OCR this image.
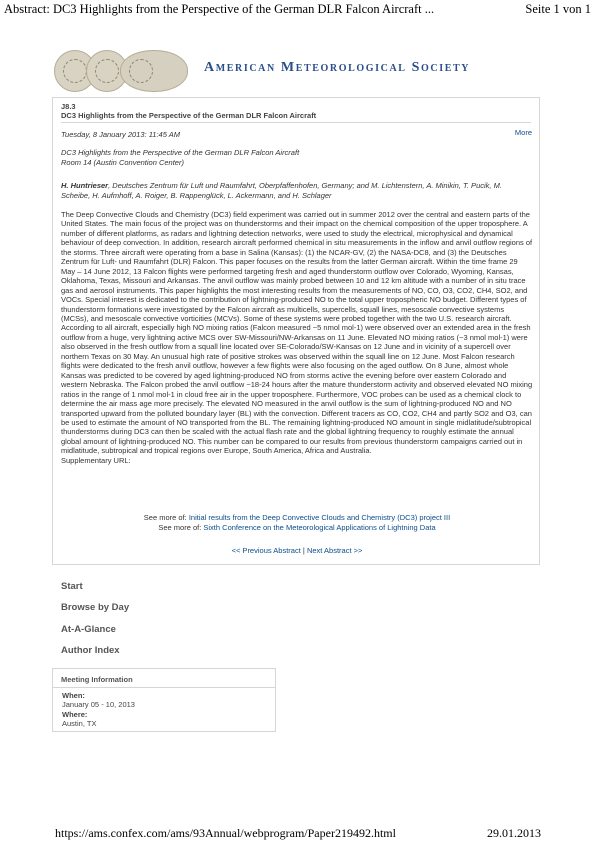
Abstract: DC3 Highlights from the Perspective of the German DLR Falcon Aircraft ...	Seite 1 von 1
American Meteorological Society
J8.3
DC3 Highlights from the Perspective of the German DLR Falcon Aircraft
Tuesday, 8 January 2013: 11:45 AM	More
DC3 Highlights from the Perspective of the German DLR Falcon Aircraft
Room 14 (Austin Convention Center)
H. Huntrieser, Deutsches Zentrum für Luft und Raumfahrt, Oberpfaffenhofen, Germany; and M. Lichtenstern, A. Minikin, T. Pucik, M. Scheibe, H. Aufmhoff, A. Roiger, B. Rappenglück, L. Ackermann, and H. Schlager
The Deep Convective Clouds and Chemistry (DC3) field experiment was carried out in summer 2012 over the central and eastern parts of the United States. The main focus of the project was on thunderstorms and their impact on the chemical composition of the upper troposphere. A number of different platforms, as radars and lightning detection networks, were used to study the electrical, microphysical and dynamical behaviour of deep convection. In addition, research aircraft performed chemical in situ measurements in the inflow and anvil outflow regions of the storms. Three aircraft were operating from a base in Salina (Kansas): (1) the NCAR-GV, (2) the NASA-DC8, and (3) the Deutsches Zentrum für Luft- und Raumfahrt (DLR) Falcon. This paper focuses on the results from the latter German aircraft. Within the time frame 29 May – 14 June 2012, 13 Falcon flights were performed targeting fresh and aged thunderstorm outflow over Colorado, Wyoming, Kansas, Oklahoma, Texas, Missouri and Arkansas. The anvil outflow was mainly probed between 10 and 12 km altitude with a number of in situ trace gas and aerosol instruments. This paper highlights the most interesting results from the measurements of NO, CO, O3, CO2, CH4, SO2, and VOCs. Special interest is dedicated to the contribution of lightning-produced NO to the total upper tropospheric NO budget. Different types of thunderstorm formations were investigated by the Falcon aircraft as multicells, supercells, squall lines, mesoscale convective systems (MCSs), and mesoscale convective vorticities (MCVs). Some of these systems were probed together with the two U.S. research aircraft. According to all aircraft, especially high NO mixing ratios (Falcon measured ~5 nmol mol-1) were observed over an extended area in the fresh outflow from a huge, very lightning active MCS over SW-Missouri/NW-Arkansas on 11 June. Elevated NO mixing ratios (~3 nmol mol-1) were also observed in the fresh outflow from a squall line located over SE-Colorado/SW-Kansas on 12 June and in vicinity of a supercell over northern Texas on 30 May. An unusual high rate of positive strokes was observed within the squall line on 12 June. Most Falcon research flights were dedicated to the fresh anvil outflow, however a few flights were also focusing on the aged outflow. On 8 June, almost whole Kansas was predicted to be covered by aged lightning-produced NO from storms active the evening before over eastern Colorado and western Nebraska. The Falcon probed the anvil outflow ~18-24 hours after the mature thunderstorm activity and observed elevated NO mixing ratios in the range of 1 nmol mol-1 in cloud free air in the upper troposphere. Furthermore, VOC probes can be used as a chemical clock to determine the air mass age more precisely. The elevated NO measured in the anvil outflow is the sum of lightning-produced NO and NO transported upward from the polluted boundary layer (BL) with the convection. Different tracers as CO, CO2, CH4 and partly SO2 and O3, can be used to estimate the amount of NO transported from the BL. The remaining lightning-produced NO amount in single midlatitude/subtropical thunderstorms during DC3 can then be scaled with the actual flash rate and the global lightning frequency to roughly estimate the annual global amount of lightning-produced NO. This number can be compared to our results from previous thunderstorm campaigns carried out in midlatitude, subtropical and tropical regions over Europe, South America, Africa and Australia.
Supplementary URL:
See more of: Initial results from the Deep Convective Clouds and Chemistry (DC3) project III
See more of: Sixth Conference on the Meteorological Applications of Lightning Data
<< Previous Abstract | Next Abstract >>
Start
Browse by Day
At-A-Glance
Author Index
Meeting Information
When:
January 05 - 10, 2013
Where:
Austin, TX
https://ams.confex.com/ams/93Annual/webprogram/Paper219492.html	29.01.2013
